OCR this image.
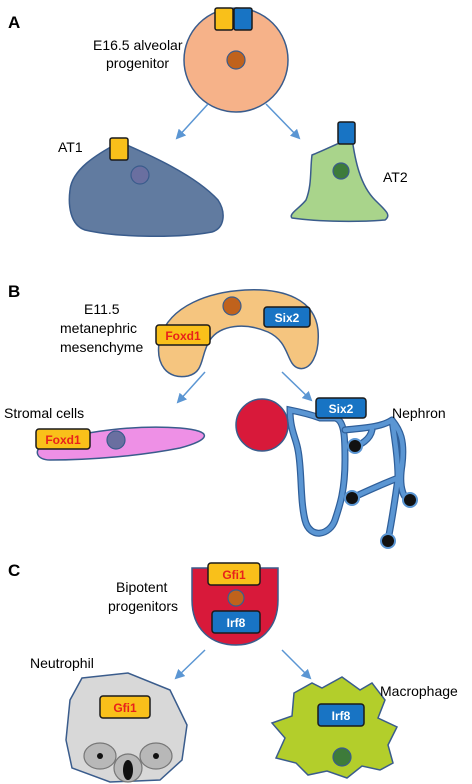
A
E16.5 alveolar
progenitor
AT1
AT2
B
Foxd1
Six2
E11.5
metanephric
mesenchyme
Foxd1
Stromal cells	Six2	Nephron
C	Gfi1
Irf8
Bipotent
progenitors
Gfi1
Neutrophil
Irf8
Macrophage
